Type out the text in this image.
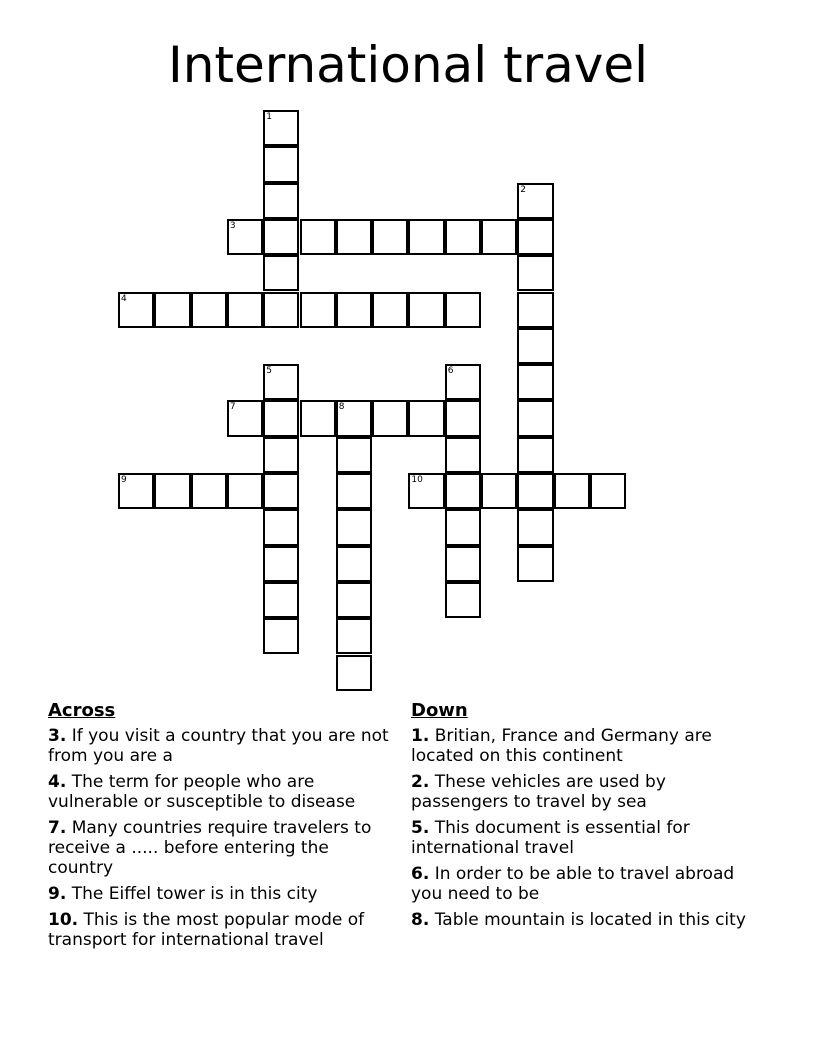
International travel
1
2
3
4
5	6
7	8
9	10
Across
3. If you visit a country that you are not from you are a
4. The term for people who are vulnerable or susceptible to disease
7. Many countries require travelers to receive a ..... before entering the country
9. The Eiffel tower is in this city
10. This is the most popular mode of transport for international travel
Down
1. Britian, France and Germany are located on this continent
2. These vehicles are used by passengers to travel by sea
5. This document is essential for international travel
6. In order to be able to travel abroad you need to be
8. Table mountain is located in this city
